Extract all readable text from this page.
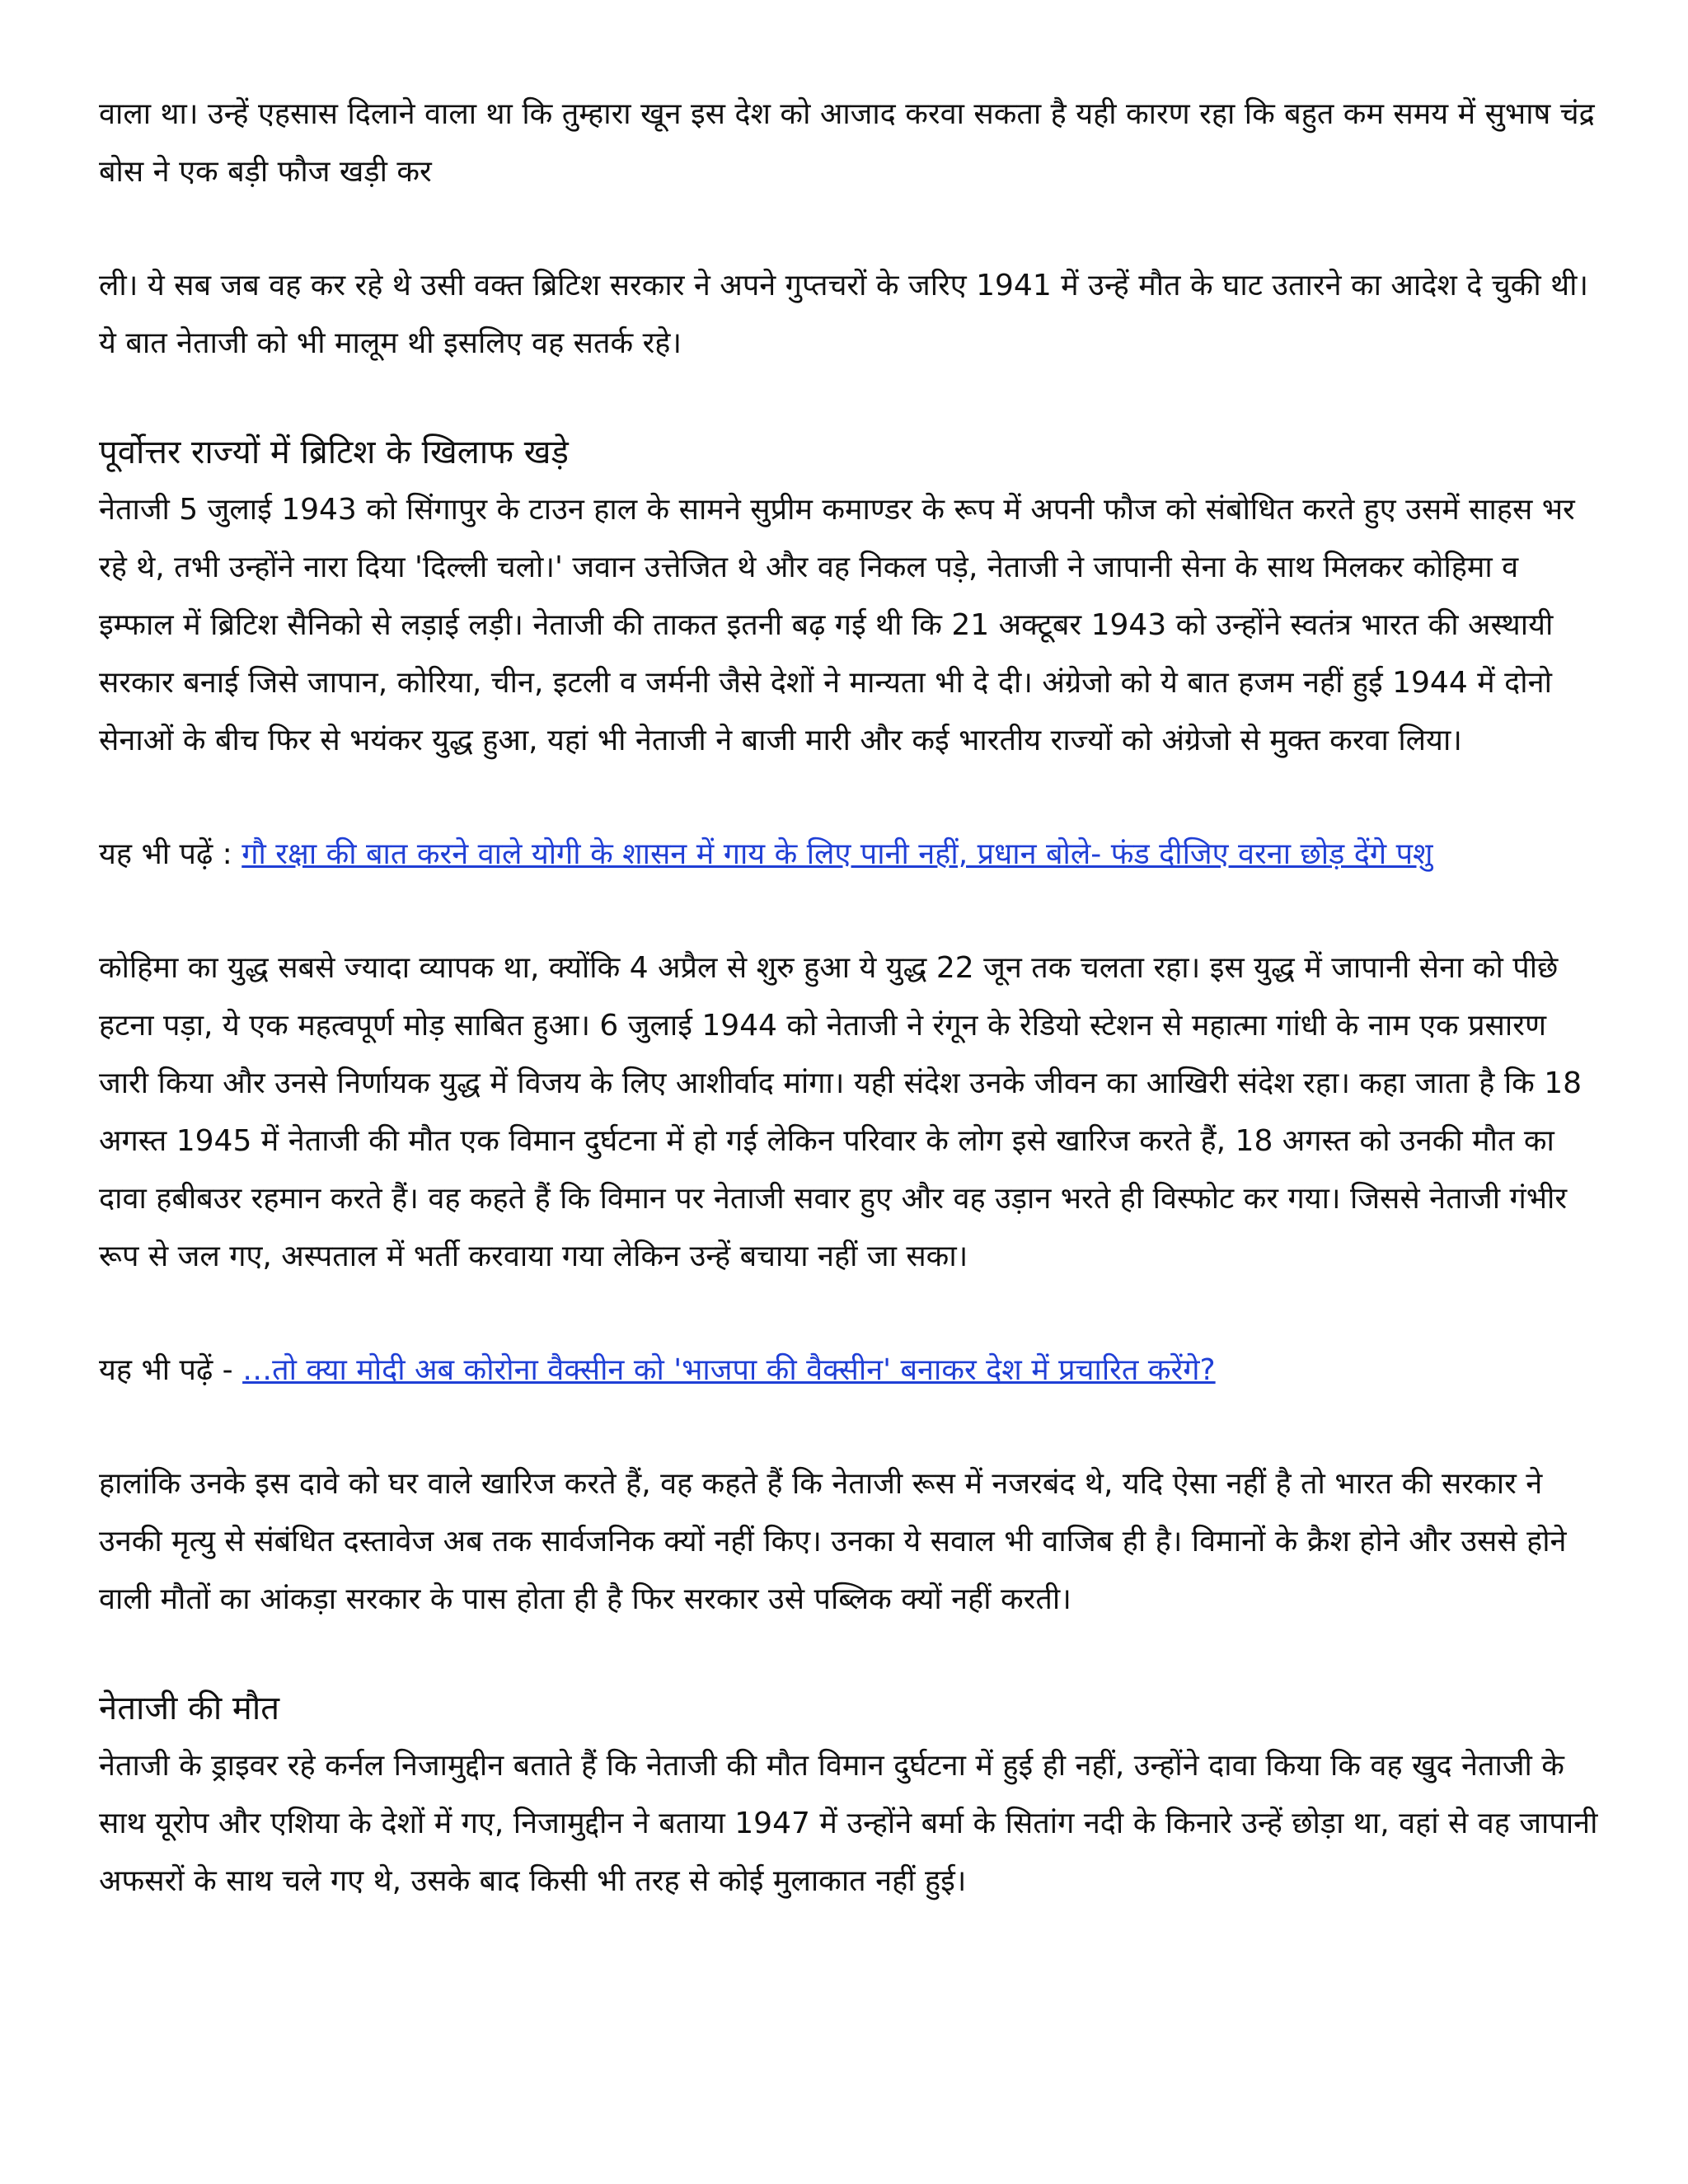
वाला था। उन्हें एहसास दिलाने वाला था कि तुम्हारा खून इस देश को आजाद करवा सकता है यही कारण रहा कि बहुत कम समय में सुभाष चंद्र बोस ने एक बड़ी फौज खड़ी कर

ली। ये सब जब वह कर रहे थे उसी वक्त ब्रिटिश सरकार ने अपने गुप्तचरों के जरिए 1941 में उन्हें मौत के घाट उतारने का आदेश दे चुकी थी। ये बात नेताजी को भी मालूम थी इसलिए वह सतर्क रहे।

पूर्वोत्तर राज्यों में ब्रिटिश के खिलाफ खड़े

नेताजी 5 जुलाई 1943 को सिंगापुर के टाउन हाल के सामने सुप्रीम कमाण्डर के रूप में अपनी फौज को संबोधित करते हुए उसमें साहस भर रहे थे, तभी उन्होंने नारा दिया 'दिल्ली चलो।' जवान उत्तेजित थे और वह निकल पड़े, नेताजी ने जापानी सेना के साथ मिलकर कोहिमा व इम्फाल में ब्रिटिश सैनिको से लड़ाई लड़ी। नेताजी की ताकत इतनी बढ़ गई थी कि 21 अक्टूबर 1943 को उन्होंने स्वतंत्र भारत की अस्थायी सरकार बनाई जिसे जापान, कोरिया, चीन, इटली व जर्मनी जैसे देशों ने मान्यता भी दे दी। अंग्रेजो को ये बात हजम नहीं हुई 1944 में दोनो सेनाओं के बीच फिर से भयंकर युद्ध हुआ, यहां भी नेताजी ने बाजी मारी और कई भारतीय राज्यों को अंग्रेजो से मुक्त करवा लिया।

यह भी पढ़ें : गौ रक्षा की बात करने वाले योगी के शासन में गाय के लिए पानी नहीं, प्रधान बोले- फंड दीजिए वरना छोड़ देंगे पशु

कोहिमा का युद्ध सबसे ज्यादा व्यापक था, क्योंकि 4 अप्रैल से शुरु हुआ ये युद्ध 22 जून तक चलता रहा। इस युद्ध में जापानी सेना को पीछे हटना पड़ा, ये एक महत्वपूर्ण मोड़ साबित हुआ। 6 जुलाई 1944 को नेताजी ने रंगून के रेडियो स्टेशन से महात्मा गांधी के नाम एक प्रसारण जारी किया और उनसे निर्णायक युद्ध में विजय के लिए आशीर्वाद मांगा। यही संदेश उनके जीवन का आखिरी संदेश रहा। कहा जाता है कि 18 अगस्त 1945 में नेताजी की मौत एक विमान दुर्घटना में हो गई लेकिन परिवार के लोग इसे खारिज करते हैं, 18 अगस्त को उनकी मौत का दावा हबीबउर रहमान करते हैं। वह कहते हैं कि विमान पर नेताजी सवार हुए और वह उड़ान भरते ही विस्फोट कर गया। जिससे नेताजी गंभीर रूप से जल गए, अस्पताल में भर्ती करवाया गया लेकिन उन्हें बचाया नहीं जा सका।

यह भी पढ़ें - …तो क्या मोदी अब कोरोना वैक्सीन को 'भाजपा की वैक्सीन' बनाकर देश में प्रचारित करेंगे?

हालांकि उनके इस दावे को घर वाले खारिज करते हैं, वह कहते हैं कि नेताजी रूस में नजरबंद थे, यदि ऐसा नहीं है तो भारत की सरकार ने उनकी मृत्यु से संबंधित दस्तावेज अब तक सार्वजनिक क्यों नहीं किए। उनका ये सवाल भी वाजिब ही है। विमानों के क्रैश होने और उससे होने वाली मौतों का आंकड़ा सरकार के पास होता ही है फिर सरकार उसे पब्लिक क्यों नहीं करती।

नेताजी की मौत

नेताजी के ड्राइवर रहे कर्नल निजामुद्दीन बताते हैं कि नेताजी की मौत विमान दुर्घटना में हुई ही नहीं, उन्होंने दावा किया कि वह खुद नेताजी के साथ यूरोप और एशिया के देशों में गए, निजामुद्दीन ने बताया 1947 में उन्होंने बर्मा के सितांग नदी के किनारे उन्हें छोड़ा था, वहां से वह जापानी अफसरों के साथ चले गए थे, उसके बाद किसी भी तरह से कोई मुलाकात नहीं हुई।
